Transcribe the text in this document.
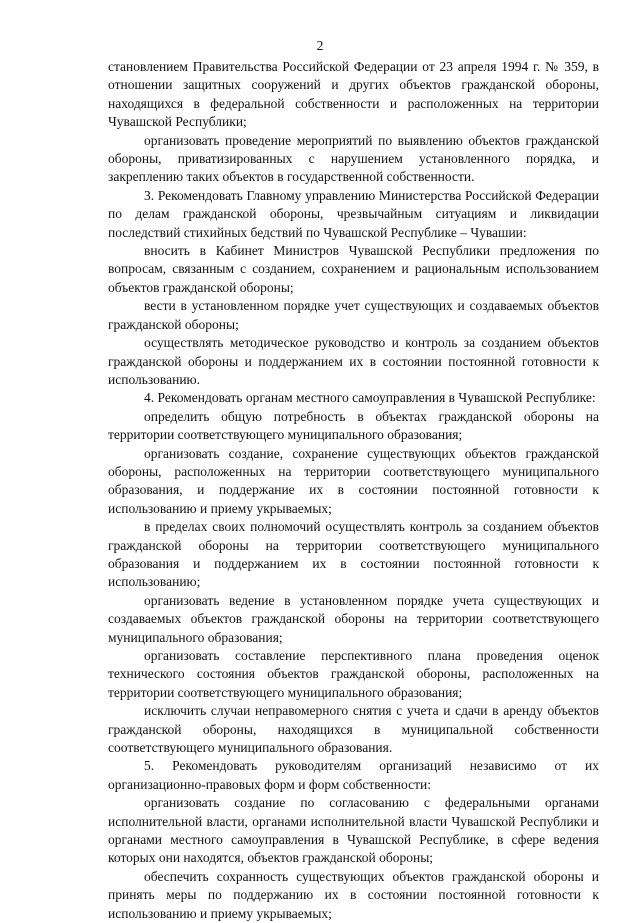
2

становлением Правительства Российской Федерации от 23 апреля 1994 г. № 359, в отношении защитных сооружений и других объектов гражданской обороны, находящихся в федеральной собственности и расположенных на территории Чувашской Республики;

организовать проведение мероприятий по выявлению объектов гражданской обороны, приватизированных с нарушением установленного порядка, и закреплению таких объектов в государственной собственности.

3. Рекомендовать Главному управлению Министерства Российской Федерации по делам гражданской обороны, чрезвычайным ситуациям и ликвидации последствий стихийных бедствий по Чувашской Республике – Чувашии:

вносить в Кабинет Министров Чувашской Республики предложения по вопросам, связанным с созданием, сохранением и рациональным использованием объектов гражданской обороны;

вести в установленном порядке учет существующих и создаваемых объектов гражданской обороны;

осуществлять методическое руководство и контроль за созданием объектов гражданской обороны и поддержанием их в состоянии постоянной готовности к использованию.

4. Рекомендовать органам местного самоуправления в Чувашской Республике:

определить общую потребность в объектах гражданской обороны на территории соответствующего муниципального образования;

организовать создание, сохранение существующих объектов гражданской обороны, расположенных на территории соответствующего муниципального образования, и поддержание их в состоянии постоянной готовности к использованию и приему укрываемых;

в пределах своих полномочий осуществлять контроль за созданием объектов гражданской обороны на территории соответствующего муниципального образования и поддержанием их в состоянии постоянной готовности к использованию;

организовать ведение в установленном порядке учета существующих и создаваемых объектов гражданской обороны на территории соответствующего муниципального образования;

организовать составление перспективного плана проведения оценок технического состояния объектов гражданской обороны, расположенных на территории соответствующего муниципального образования;

исключить случаи неправомерного снятия с учета и сдачи в аренду объектов гражданской обороны, находящихся в муниципальной собственности соответствующего муниципального образования.

5. Рекомендовать руководителям организаций независимо от их организационно-правовых форм и форм собственности:

организовать создание по согласованию с федеральными органами исполнительной власти, органами исполнительной власти Чувашской Республики и органами местного самоуправления в Чувашской Республике, в сфере ведения которых они находятся, объектов гражданской обороны;

обеспечить сохранность существующих объектов гражданской обороны и принять меры по поддержанию их в состоянии постоянной готовности к использованию и приему укрываемых;
